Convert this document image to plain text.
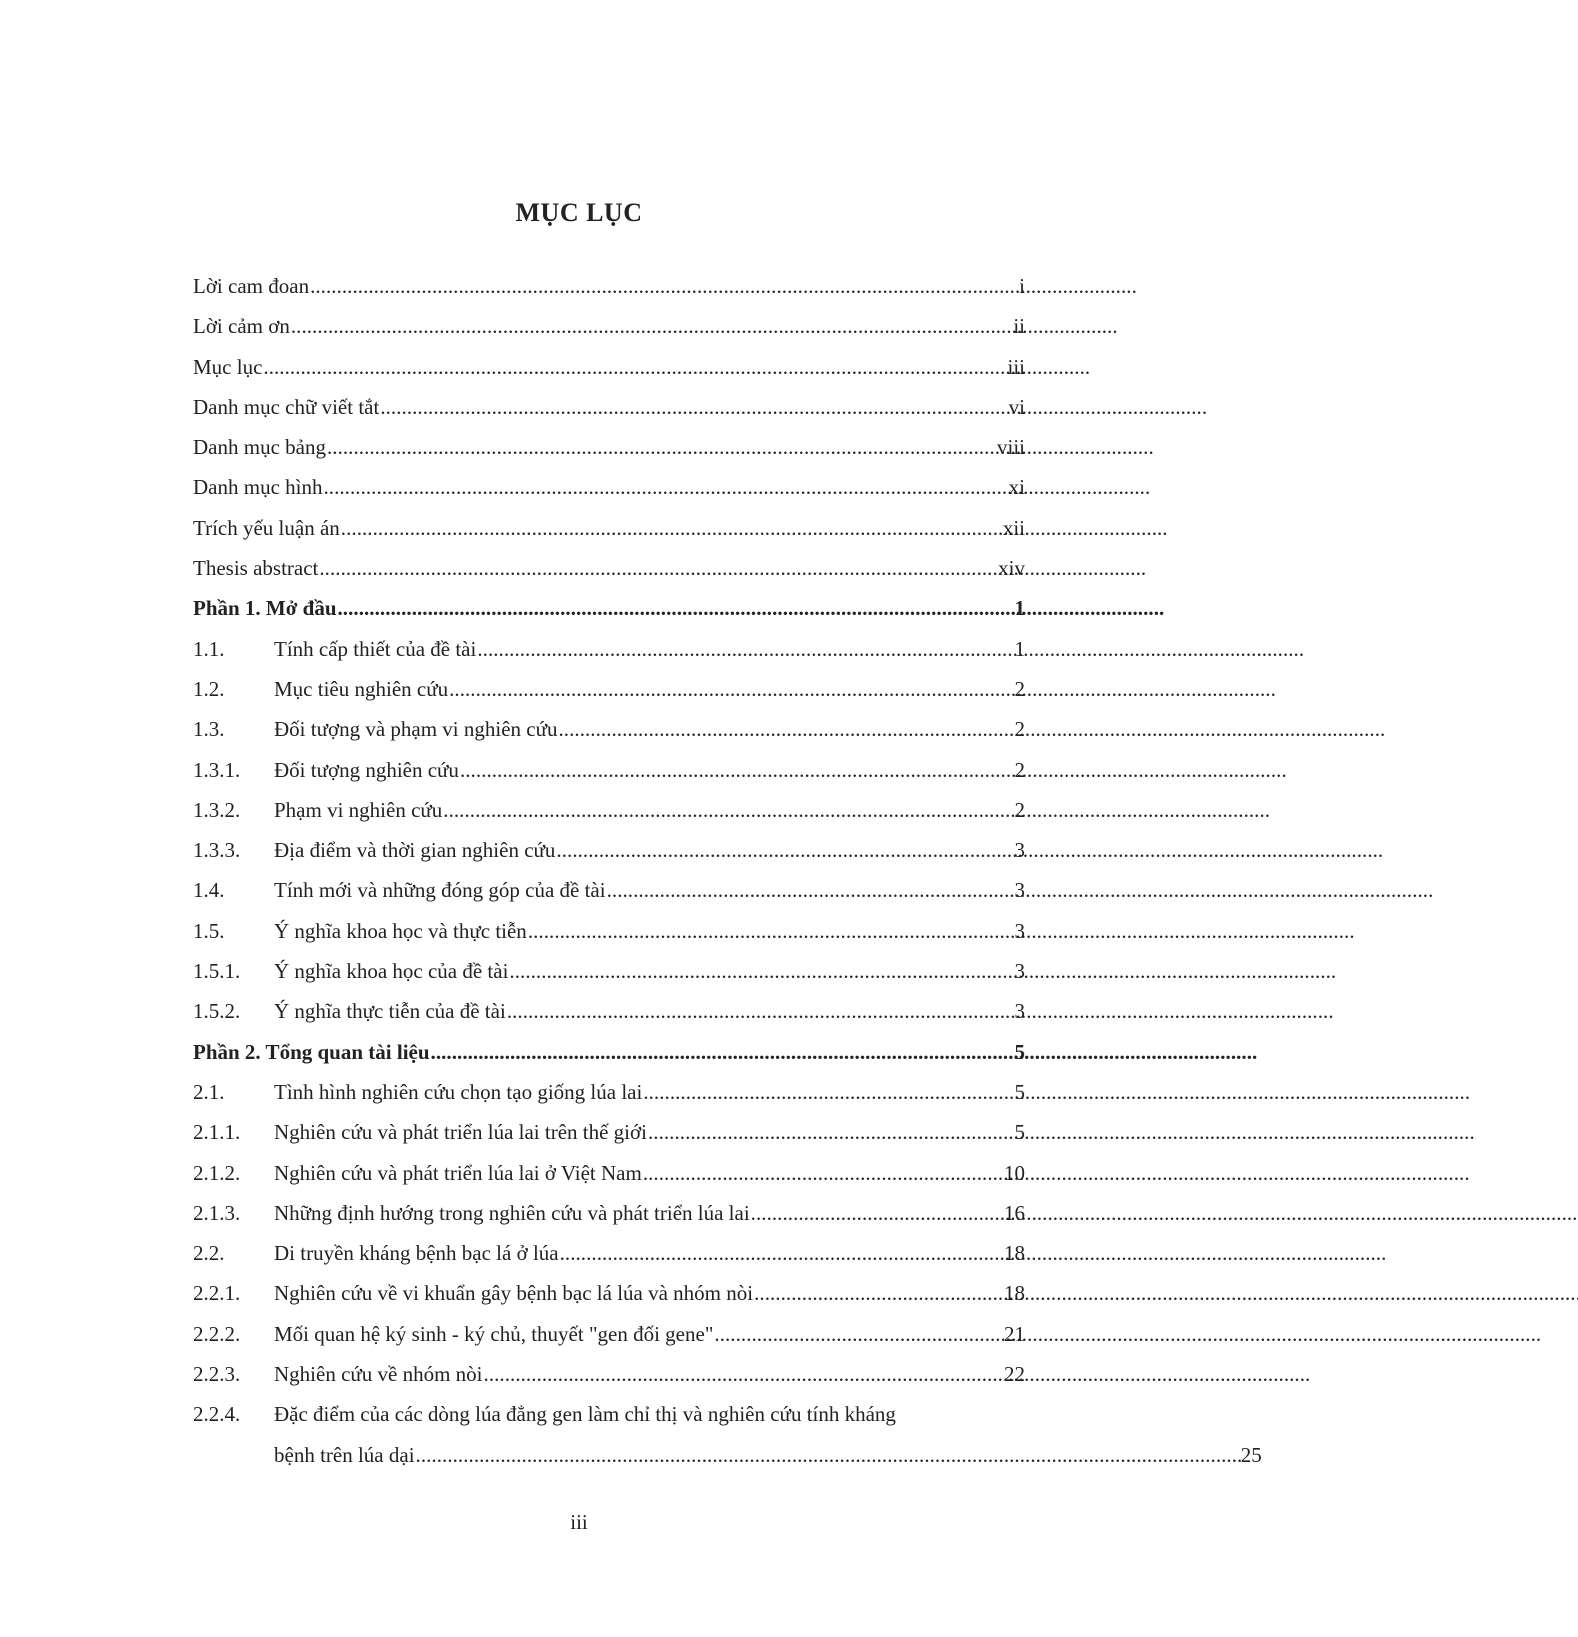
MỤC LỤC
Lời cam đoan . . .	i
Lời cảm ơn . . .	ii
Mục lục . . .	iii
Danh mục chữ viết tắt . . .	vi
Danh mục bảng . . .	viii
Danh mục hình . . .	xi
Trích yếu luận án . . .	xii
Thesis abstract . . .	xiv
Phần 1. Mở đầu . . .	1
1.1.	Tính cấp thiết của đề tài . . .	1
1.2.	Mục tiêu nghiên cứu . . .	2
1.3.	Đối tượng và phạm vi nghiên cứu . . .	2
1.3.1.	Đối tượng nghiên cứu . . .	2
1.3.2.	Phạm vi nghiên cứu . . .	2
1.3.3.	Địa điểm và thời gian nghiên cứu . . .	3
1.4.	Tính mới và những đóng góp của đề tài . . .	3
1.5.	Ý nghĩa khoa học và thực tiễn . . .	3
1.5.1.	Ý nghĩa khoa học của đề tài . . .	3
1.5.2.	Ý nghĩa thực tiễn của đề tài . . .	3
Phần 2. Tổng quan tài liệu . . .	5
2.1.	Tình hình nghiên cứu chọn tạo giống lúa lai . . .	5
2.1.1.	Nghiên cứu và phát triển lúa lai trên thế giới . . .	5
2.1.2.	Nghiên cứu và phát triển lúa lai ở Việt Nam . . .	10
2.1.3.	Những định hướng trong nghiên cứu và phát triển lúa lai . . .	16
2.2.	Di truyền kháng bệnh bạc lá ở lúa . . .	18
2.2.1.	Nghiên cứu về vi khuẩn gây bệnh bạc lá lúa và nhóm nòi . . .	18
2.2.2.	Mối quan hệ ký sinh - ký chủ, thuyết "gen đối gene" . . .	21
2.2.3.	Nghiên cứu về nhóm nòi . . .	22
2.2.4.	Đặc điểm của các dòng lúa đẳng gen làm chỉ thị và nghiên cứu tính kháng
bệnh trên lúa dại . . .	25
iii
